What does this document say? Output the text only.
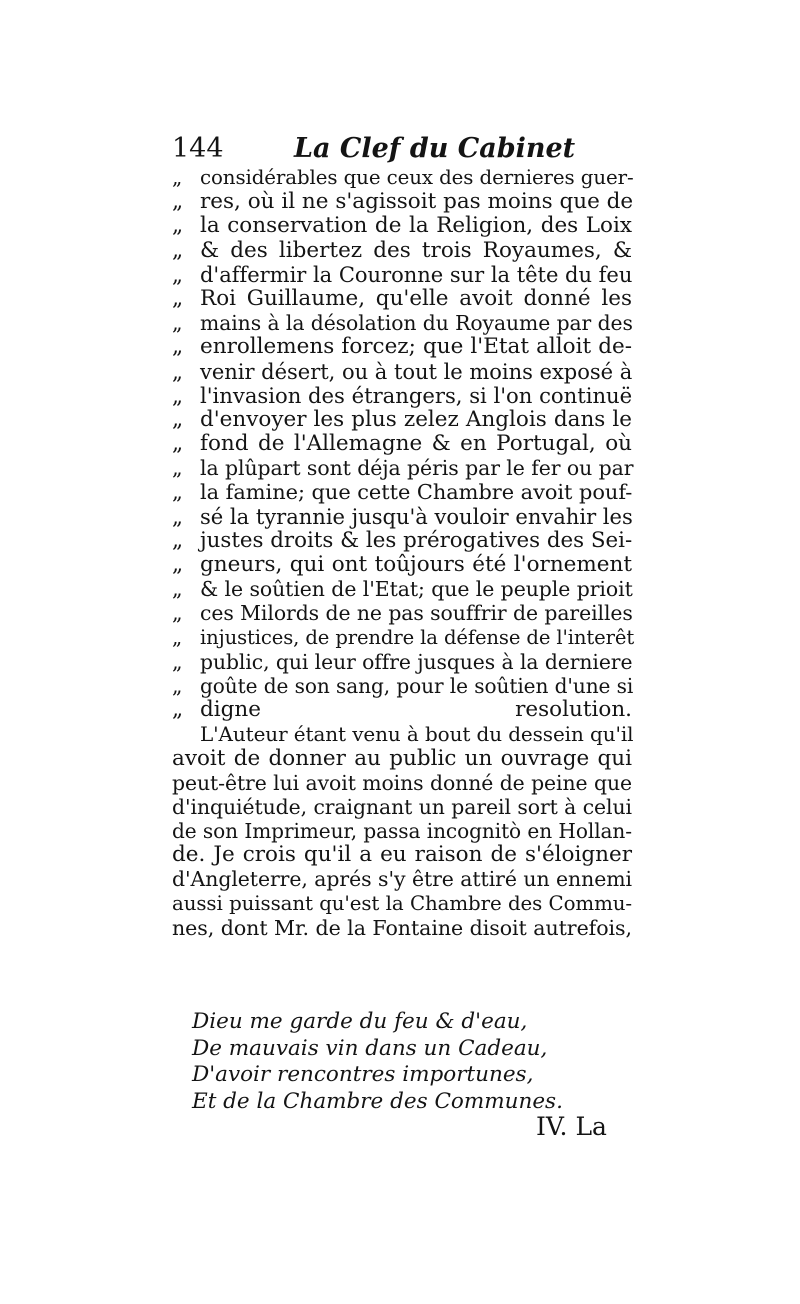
144	La Clef du Cabinet
„ considérables que ceux des dernieres guer-
„ res, où il ne s'agissoit pas moins que de
„ la conservation de la Religion, des Loix
„ & des libertez des trois Royaumes, &
„ d'affermir la Couronne sur la tête du feu
„ Roi Guillaume, qu'elle avoit donné les
„ mains à la désolation du Royaume par des
„ enrollemens forcez; que l'Etat alloit de-
„ venir désert, ou à tout le moins exposé à
„ l'invasion des étrangers, si l'on continuë
„ d'envoyer les plus zelez Anglois dans le
„ fond de l'Allemagne & en Portugal, où
„ la plûpart sont déja péris par le fer ou par
„ la famine; que cette Chambre avoit pouf-
„ sé la tyrannie jusqu'à vouloir envahir les
„ justes droits & les prérogatives des Sei-
„ gneurs, qui ont toûjours été l'ornement
„ & le soûtien de l'Etat; que le peuple prioit
„ ces Milords de ne pas souffrir de pareilles
„ injustices, de prendre la défense de l'interêt
„ public, qui leur offre jusques à la derniere
„ goûte de son sang, pour le soûtien d'une si
„ digne resolution.
L'Auteur étant venu à bout du dessein qu'il
avoit de donner au public un ouvrage qui
peut-être lui avoit moins donné de peine que
d'inquiétude, craignant un pareil sort à celui
de son Imprimeur, passa incognitò en Hollan-
de. Je crois qu'il a eu raison de s'éloigner
d'Angleterre, aprés s'y être attiré un ennemi
aussi puissant qu'est la Chambre des Commu-
nes, dont Mr. de la Fontaine disoit autrefois,
Dieu me garde du feu & d'eau,
De mauvais vin dans un Cadeau,
D'avoir rencontres importunes,
Et de la Chambre des Communes.
IV. La
